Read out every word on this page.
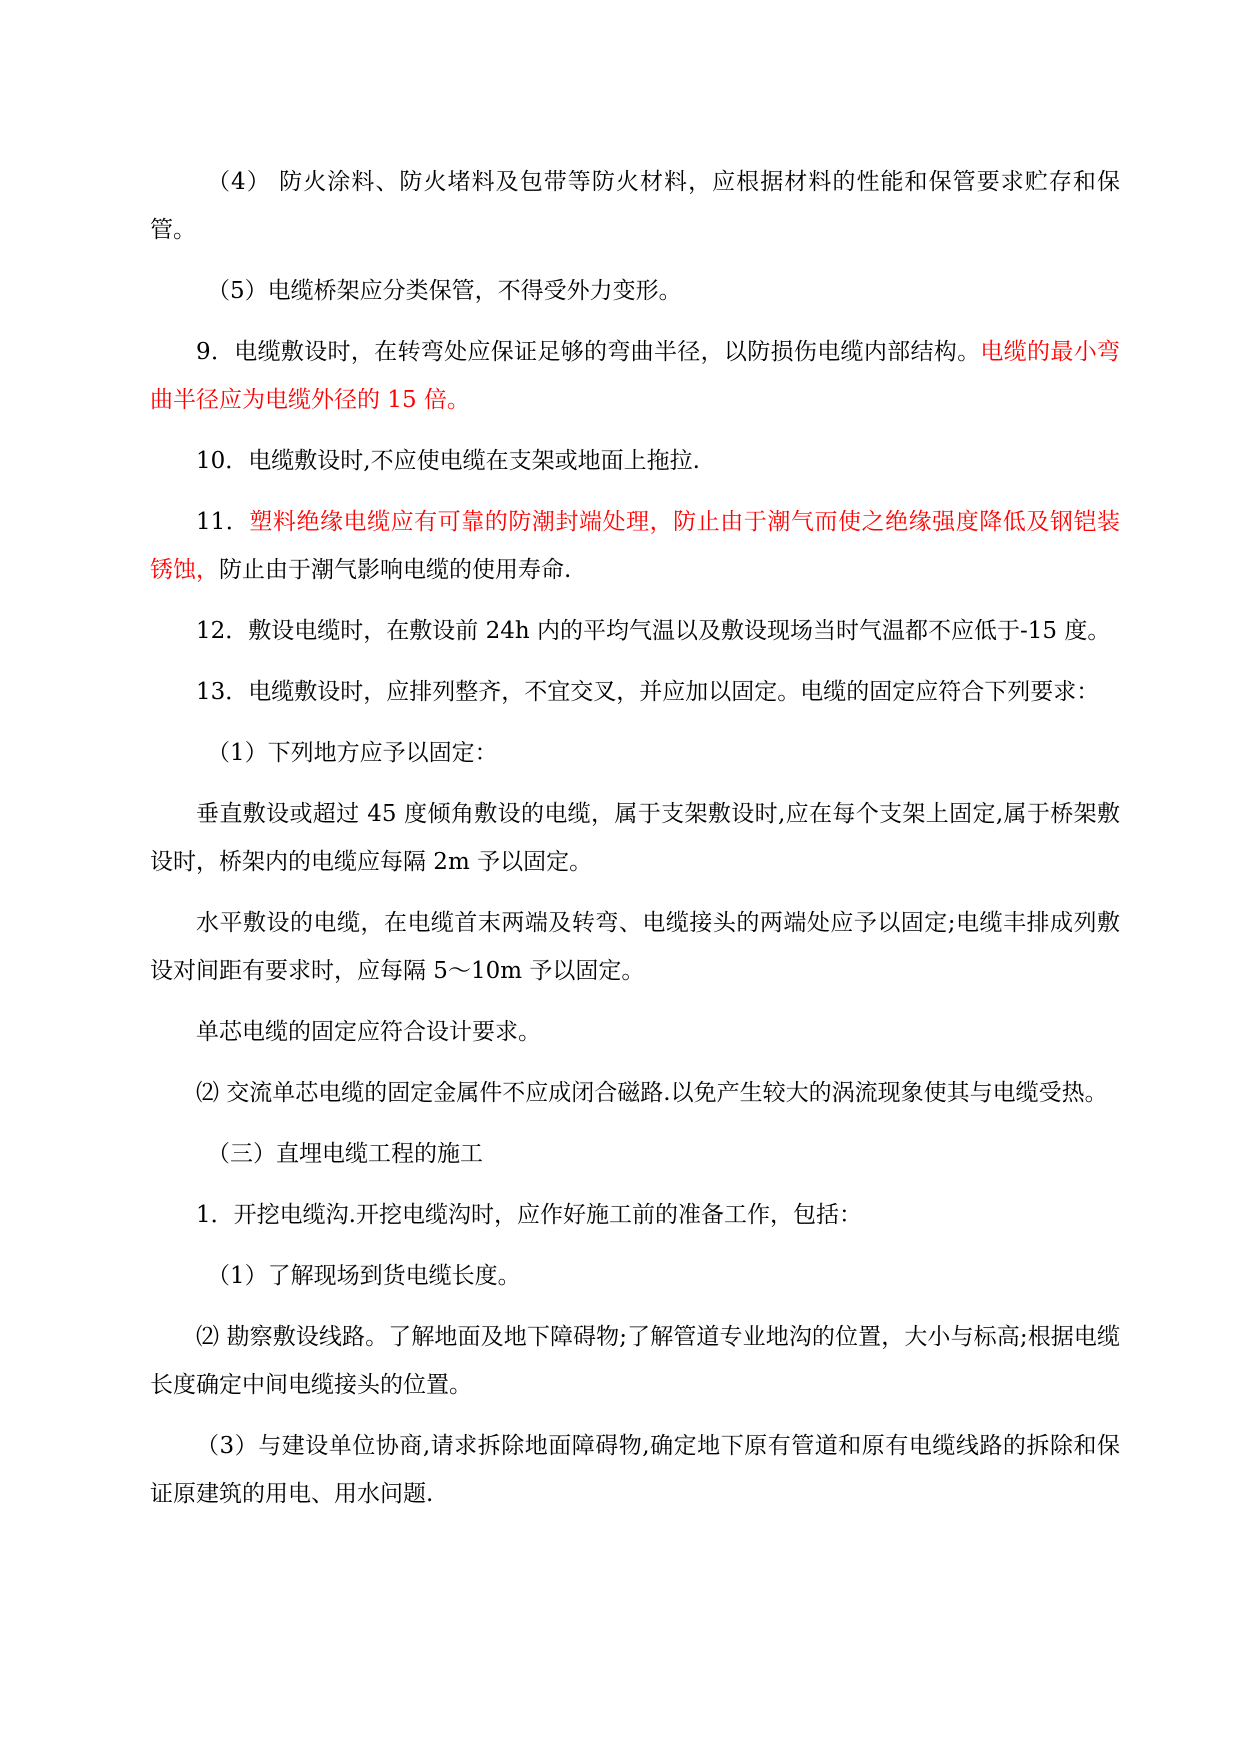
（4） 防火涂料、防火堵料及包带等防火材料，应根据材料的性能和保管要求贮存和保管。

（5）电缆桥架应分类保管，不得受外力变形。

9．电缆敷设时，在转弯处应保证足够的弯曲半径，以防损伤电缆内部结构。电缆的最小弯曲半径应为电缆外径的 15 倍。

10．电缆敷设时,不应使电缆在支架或地面上拖拉.

11．塑料绝缘电缆应有可靠的防潮封端处理，防止由于潮气而使之绝缘强度降低及钢铠装锈蚀，防止由于潮气影响电缆的使用寿命.

12．敷设电缆时，在敷设前 24h 内的平均气温以及敷设现场当时气温都不应低于-15 度。

13．电缆敷设时，应排列整齐，不宜交叉，并应加以固定。电缆的固定应符合下列要求：

（1）下列地方应予以固定：

垂直敷设或超过 45 度倾角敷设的电缆，属于支架敷设时,应在每个支架上固定,属于桥架敷设时，桥架内的电缆应每隔 2m 予以固定。

水平敷设的电缆，在电缆首末两端及转弯、电缆接头的两端处应予以固定;电缆丰排成列敷设对间距有要求时，应每隔 5～10m 予以固定。

单芯电缆的固定应符合设计要求。

⑵ 交流单芯电缆的固定金属件不应成闭合磁路.以免产生较大的涡流现象使其与电缆受热。

（三）直埋电缆工程的施工

1．开挖电缆沟.开挖电缆沟时，应作好施工前的准备工作，包括：

（1）了解现场到货电缆长度。

⑵ 勘察敷设线路。了解地面及地下障碍物;了解管道专业地沟的位置，大小与标高;根据电缆长度确定中间电缆接头的位置。

（3）与建设单位协商,请求拆除地面障碍物,确定地下原有管道和原有电缆线路的拆除和保证原建筑的用电、用水问题.
